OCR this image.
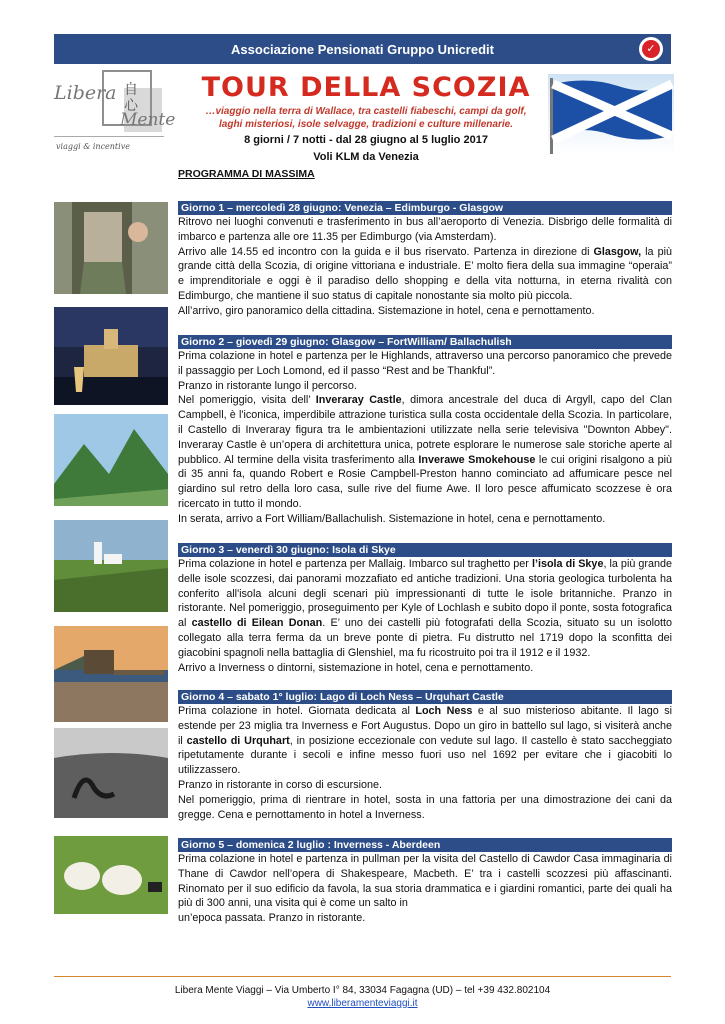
Associazione Pensionati Gruppo Unicredit	✓
自
心
Libera
Mente
viaggi & incentive
TOUR DELLA SCOZIA
…viaggio nella terra di Wallace, tra castelli fiabeschi, campi da golf,
laghi misteriosi, isole selvagge, tradizioni e culture millenarie.
8 giorni / 7 notti - dal 28 giugno al 5 luglio 2017
Voli KLM da Venezia
PROGRAMMA DI MASSIMA
Giorno 1 – mercoledì 28 giugno: Venezia – Edimburgo - Glasgow

Ritrovo nei luoghi convenuti e trasferimento in bus all’aeroporto di Venezia. Disbrigo delle formalità di imbarco e partenza alle ore 11.35 per Edimburgo (via Amsterdam).

Arrivo alle 14.55 ed incontro con la guida e il bus riservato. Partenza in direzione di Glasgow, la più grande città della Scozia, di origine vittoriana e industriale. E’ molto fiera della sua immagine “operaia” e imprenditoriale e oggi è il paradiso dello shopping e della vita notturna, in eterna rivalità con Edimburgo, che mantiene il suo status di capitale nonostante sia molto più piccola.

All’arrivo, giro panoramico della cittadina. Sistemazione in hotel, cena e pernottamento.

Giorno 2 – giovedì 29 giugno: Glasgow – FortWilliam/ Ballachulish

Prima colazione in hotel e partenza per le Highlands, attraverso una percorso panoramico che prevede il passaggio per Loch Lomond, ed il passo “Rest and be Thankful”.

Pranzo in ristorante lungo il percorso.

Nel pomeriggio, visita dell’ Inveraray Castle, dimora ancestrale del duca di Argyll, capo del Clan Campbell, è l'iconica, imperdibile attrazione turistica sulla costa occidentale della Scozia. In particolare, il Castello di Inveraray figura tra le ambientazioni utilizzate nella serie televisiva "Downton Abbey". Inveraray Castle è un’opera di architettura unica, potrete esplorare le numerose sale storiche aperte al pubblico. Al termine della visita trasferimento alla Inverawe Smokehouse le cui origini risalgono a più di 35 anni fa, quando Robert e Rosie Campbell-Preston hanno cominciato ad affumicare pesce nel giardino sul retro della loro casa, sulle rive del fiume Awe. Il loro pesce affumicato scozzese è ora ricercato in tutto il mondo.

In serata, arrivo a Fort William/Ballachulish. Sistemazione in hotel, cena e pernottamento.

Giorno 3 – venerdì 30 giugno: Isola di Skye

Prima colazione in hotel e partenza per Mallaig. Imbarco sul traghetto per l’isola di Skye, la più grande delle isole scozzesi, dai panorami mozzafiato ed antiche tradizioni. Una storia geologica turbolenta ha conferito all'isola alcuni degli scenari più impressionanti di tutte le isole britanniche. Pranzo in ristorante. Nel pomeriggio, proseguimento per Kyle of Lochlash e subito dopo il ponte, sosta fotografica al castello di Eilean Donan. E’ uno dei castelli più fotografati della Scozia, situato su un isolotto collegato alla terra ferma da un breve ponte di pietra. Fu distrutto nel 1719 dopo la sconfitta dei giacobini spagnoli nella battaglia di Glenshiel, ma fu ricostruito poi tra il 1912 e il 1932.

Arrivo a Inverness o dintorni, sistemazione in hotel, cena e pernottamento.

Giorno 4 – sabato 1° luglio: Lago di Loch Ness – Urquhart Castle

Prima colazione in hotel. Giornata dedicata al Loch Ness e al suo misterioso abitante. Il lago si estende per 23 miglia tra Inverness e Fort Augustus. Dopo un giro in battello sul lago, si visiterà anche il castello di Urquhart, in posizione eccezionale con vedute sul lago. Il castello è stato saccheggiato ripetutamente durante i secoli e infine messo fuori uso nel 1692 per evitare che i giacobiti lo utilizzassero.

Pranzo in ristorante in corso di escursione.

Nel pomeriggio, prima di rientrare in hotel, sosta in una fattoria per una dimostrazione dei cani da gregge. Cena e pernottamento in hotel a Inverness.

Giorno 5 – domenica 2 luglio : Inverness - Aberdeen

Prima colazione in hotel e partenza in pullman per la visita del Castello di Cawdor Casa immaginaria di Thane di Cawdor nell’opera di Shakespeare, Macbeth. E’ tra i castelli scozzesi più affascinanti. Rinomato per il suo edificio da favola, la sua storia drammatica e i giardini romantici, parte dei quali ha più di 300 anni, una visita qui è come un salto in

un’epoca passata. Pranzo in ristorante.

Libera Mente Viaggi – Via Umberto I° 84, 33034 Fagagna (UD) – tel +39 432.802104
www.liberamenteviaggi.it
